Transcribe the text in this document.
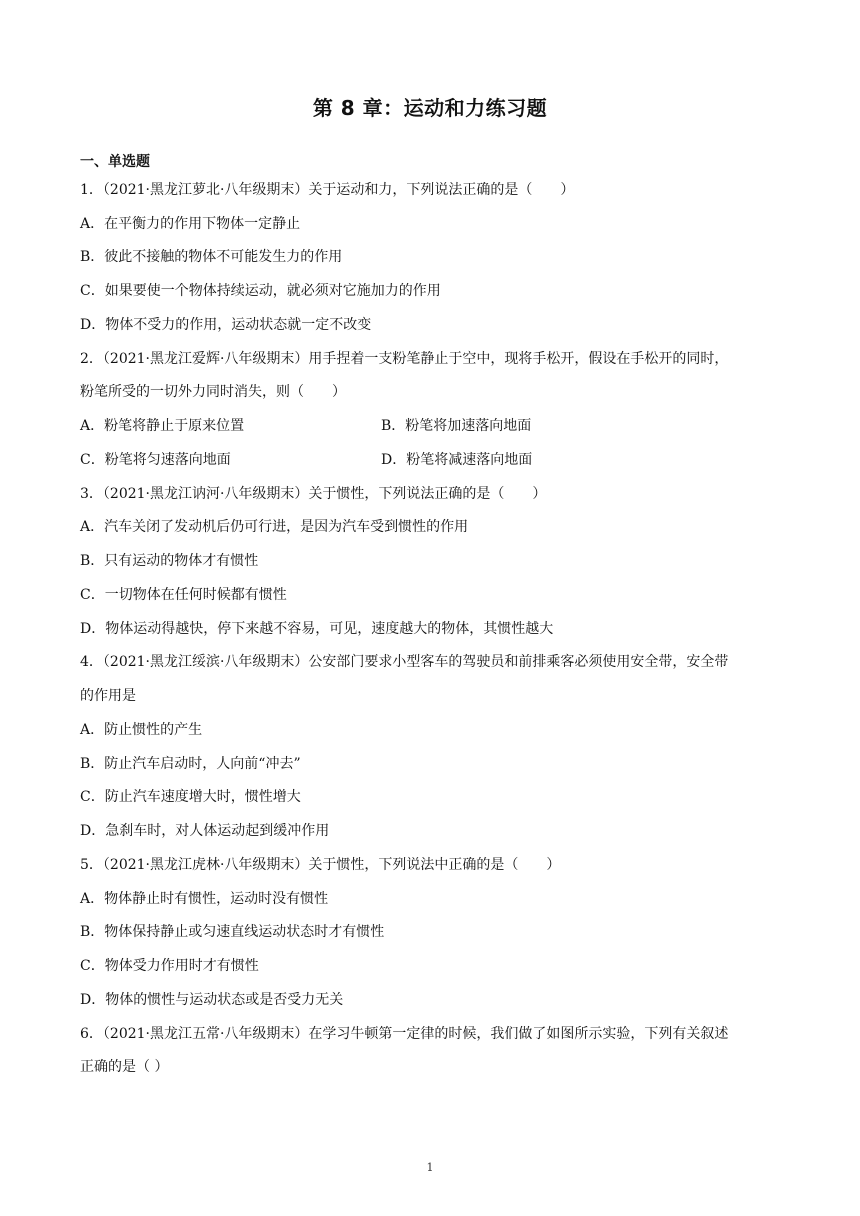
第 8 章：运动和力练习题
一、单选题
1．（2021·黑龙江萝北·八年级期末）关于运动和力，下列说法正确的是（　　）
A．在平衡力的作用下物体一定静止
B．彼此不接触的物体不可能发生力的作用
C．如果要使一个物体持续运动，就必须对它施加力的作用
D．物体不受力的作用，运动状态就一定不改变
2．（2021·黑龙江爱辉·八年级期末）用手捏着一支粉笔静止于空中，现将手松开，假设在手松开的同时，
粉笔所受的一切外力同时消失，则（　　）
A．粉笔将静止于原来位置	B．粉笔将加速落向地面
C．粉笔将匀速落向地面	D．粉笔将减速落向地面
3．（2021·黑龙江讷河·八年级期末）关于惯性，下列说法正确的是（　　）
A．汽车关闭了发动机后仍可行进，是因为汽车受到惯性的作用
B．只有运动的物体才有惯性
C．一切物体在任何时候都有惯性
D．物体运动得越快，停下来越不容易，可见，速度越大的物体，其惯性越大
4．（2021·黑龙江绥滨·八年级期末）公安部门要求小型客车的驾驶员和前排乘客必须使用安全带，安全带
的作用是
A．防止惯性的产生
B．防止汽车启动时，人向前“冲去”
C．防止汽车速度增大时，惯性增大
D．急刹车时，对人体运动起到缓冲作用
5．（2021·黑龙江虎林·八年级期末）关于惯性，下列说法中正确的是（　　）
A．物体静止时有惯性，运动时没有惯性
B．物体保持静止或匀速直线运动状态时才有惯性
C．物体受力作用时才有惯性
D．物体的惯性与运动状态或是否受力无关
6．（2021·黑龙江五常·八年级期末）在学习牛顿第一定律的时候，我们做了如图所示实验，下列有关叙述
正确的是（ ）
1
